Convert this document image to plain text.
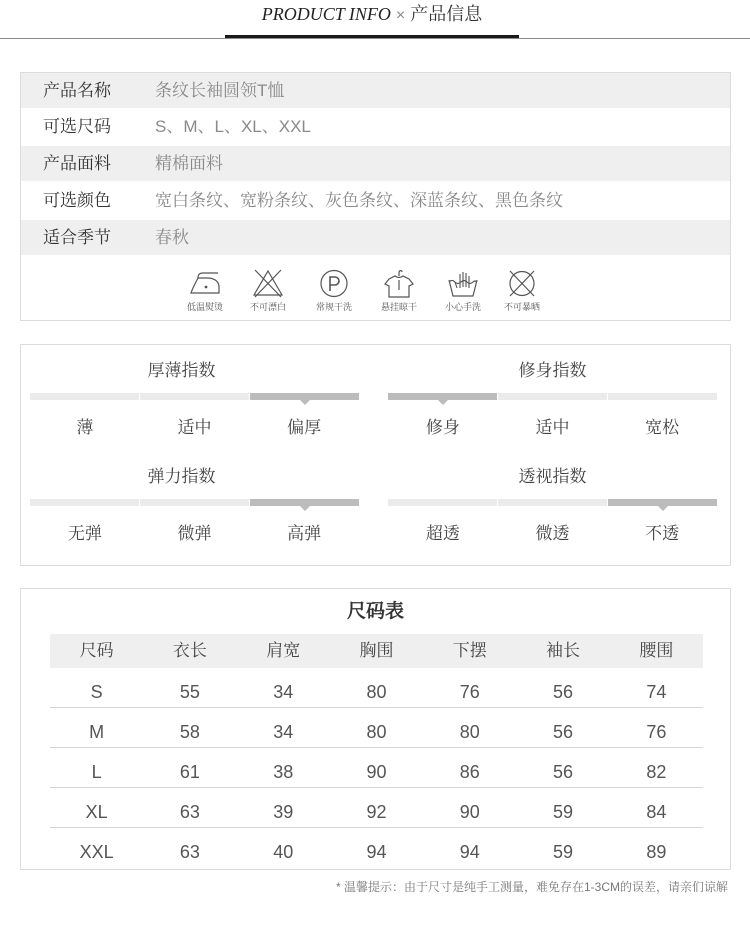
PRODUCT INFO × 产品信息
产品名称	条纹长袖圆领T恤
可选尺码	S、M、L、XL、XXL
产品面料	精棉面料
可选颜色	宽白条纹、宽粉条纹、灰色条纹、深蓝条纹、黑色条纹
适合季节	春秋
低温熨烫	不可漂白	常规干洗	悬挂晾干	小心手洗	不可暴晒
厚薄指数
薄	适中	偏厚
修身指数
修身	适中	宽松
弹力指数
无弹	微弹	高弹
透视指数
超透	微透	不透
尺码表
尺码	衣长	肩宽	胸围	下摆	袖长	腰围
S	55	34	80	76	56	74
M	58	34	80	80	56	76
L	61	38	90	86	56	82
XL	63	39	92	90	59	84
XXL	63	40	94	94	59	89
* 温馨提示：由于尺寸是纯手工测量，难免存在1-3CM的误差，请亲们谅解
